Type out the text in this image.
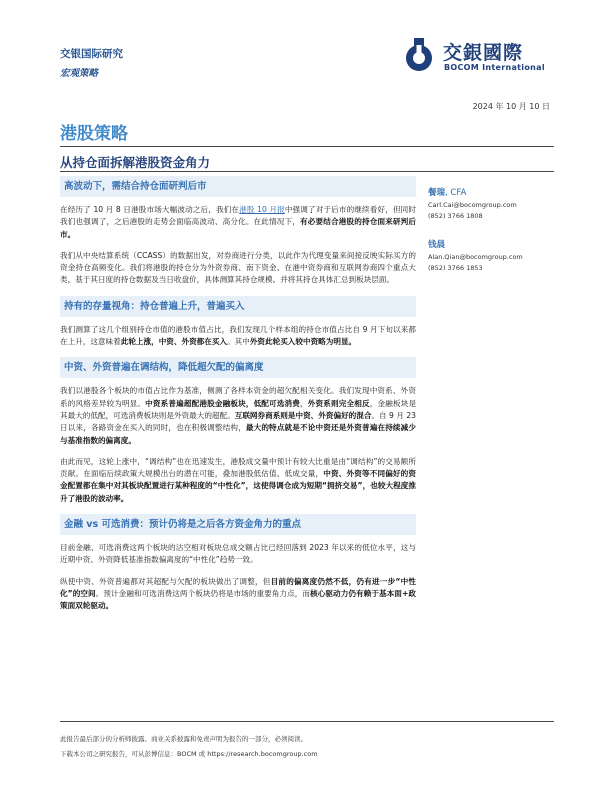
交银国际研究
宏观策略
交銀國際
BOCOM International
2024 年 10 月 10 日
港股策略
从持仓面拆解港股资金角力
高波动下，需结合持仓面研判后市
在经历了 10 月 8 日港股市场大幅波动之后，我们在港股 10 月报中强调了对于后市的继续看好，但同时我们也强调了，之后港股的走势会面临高波动、高分化。在此情况下，有必要结合港股的持仓面来研判后市。
我们从中央结算系统（CCASS）的数据出发，对券商进行分类，以此作为代理变量来间接反映实际买方的资金持仓高频变化。我们将港股的持仓分为外资券商、南下资金、在港中资券商和互联网券商四个重点大类，基于其日度的持仓数据及当日收盘价，具体测算其持仓规模。并将其持仓具体汇总到板块层面。
持有的存量视角：持仓普遍上升，普遍买入
我们测算了这几个组别持仓市值的港股市值占比，我们发现几个样本组的持仓市值占比自 9 月下旬以来都在上升，这意味着此轮上涨，中资、外资都在买入。其中外资此轮买入较中资略为明显。
中资、外资普遍在调结构，降低超欠配的偏离度
我们以港股各个板块的市值占比作为基准，侧测了各样本资金的超欠配相关变化。我们发现中资系、外资系的风格差异较为明显。中资系普遍超配港股金融板块，低配可选消费，外资系则完全相反，金融板块是其最大的低配，可选消费板块则是外资最大的超配。互联网券商系则是中资、外资偏好的混合。自 9 月 23 日以来，各路资金在买入的同时，也在积极调整结构，最大的特点就是不论中资还是外资普遍在持续减少与基准指数的偏离度。
由此而见，这轮上涨中，“调结构”也在迅速发生，港股成交量中预计有较大比重是由“调结构”的交易额所贡献。在面临后续政策大规模出台的潜在可能，叠加港股低估值、低成交量，中资、外资等不同偏好的资金配置都在集中对其板块配置进行某种程度的“中性化”，这使得调仓成为短期“拥挤交易”，也较大程度推升了港股的波动率。
金融 vs 可选消费：预计仍将是之后各方资金角力的重点
目前金融、可选消费这两个板块的沽空相对板块总成交额占比已经回落到 2023 年以来的低位水平，这与近期中资、外资降低基准指数偏离度的“中性化”趋势一致。
纵使中资、外资普遍都对其超配与欠配的板块做出了调整，但目前的偏离度仍然不低，仍有进一步“中性化”的空间。预计金融和可选消费这两个板块仍将是市场的重要角力点，而核心驱动力仍有赖于基本面+政策面双轮驱动。
餐瑞, CFA
Carl.Cai@bocomgroup.com
(852) 3766 1808
钱晨
Alan.Qian@bocomgroup.com
(852) 3766 1853
此报告最后部分的分析师披露、商业关系披露和免责声明为报告的一部分，必须阅读。
下载本公司之研究报告，可从彭博信息：BOCM 或 https://research.bocomgroup.com
